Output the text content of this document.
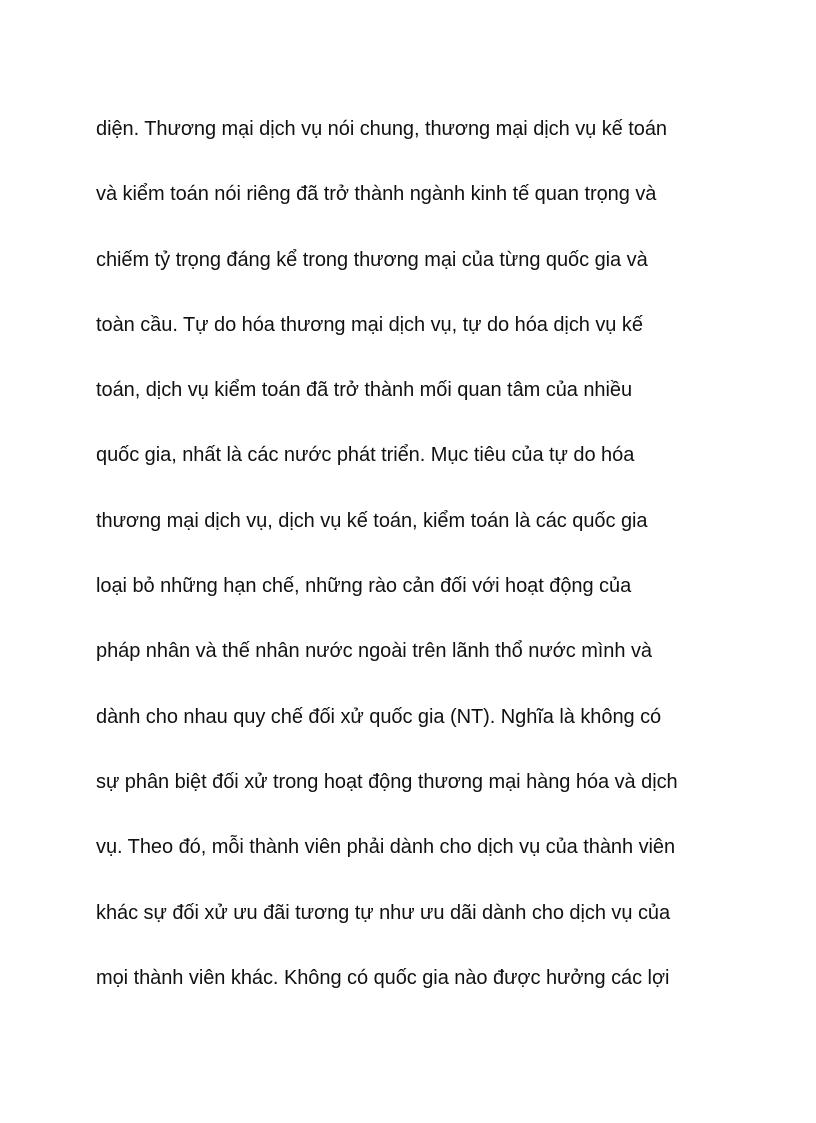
diện. Thương mại dịch vụ nói chung, thương mại dịch vụ kế toán
và kiểm toán nói riêng đã trở thành ngành kinh tế quan trọng và
chiếm tỷ trọng đáng kể trong thương mại của từng quốc gia và
toàn cầu. Tự do hóa thương mại dịch vụ, tự do hóa dịch vụ kế
toán, dịch vụ kiểm toán đã trở thành mối quan tâm của nhiều
quốc gia, nhất là các nước phát triển. Mục tiêu của tự do hóa
thương mại dịch vụ, dịch vụ kế toán, kiểm toán là các quốc gia
loại bỏ những hạn chế, những rào cản đối với hoạt động của
pháp nhân và thế nhân nước ngoài trên lãnh thổ nước mình và
dành cho nhau quy chế đối xử quốc gia (NT). Nghĩa là không có
sự phân biệt đối xử trong hoạt động thương mại hàng hóa và dịch
vụ. Theo đó, mỗi thành viên phải dành cho dịch vụ của thành viên
khác sự đối xử ưu đãi tương tự như ưu dãi dành cho dịch vụ của
mọi thành viên khác. Không có quốc gia nào được hưởng các lợi
